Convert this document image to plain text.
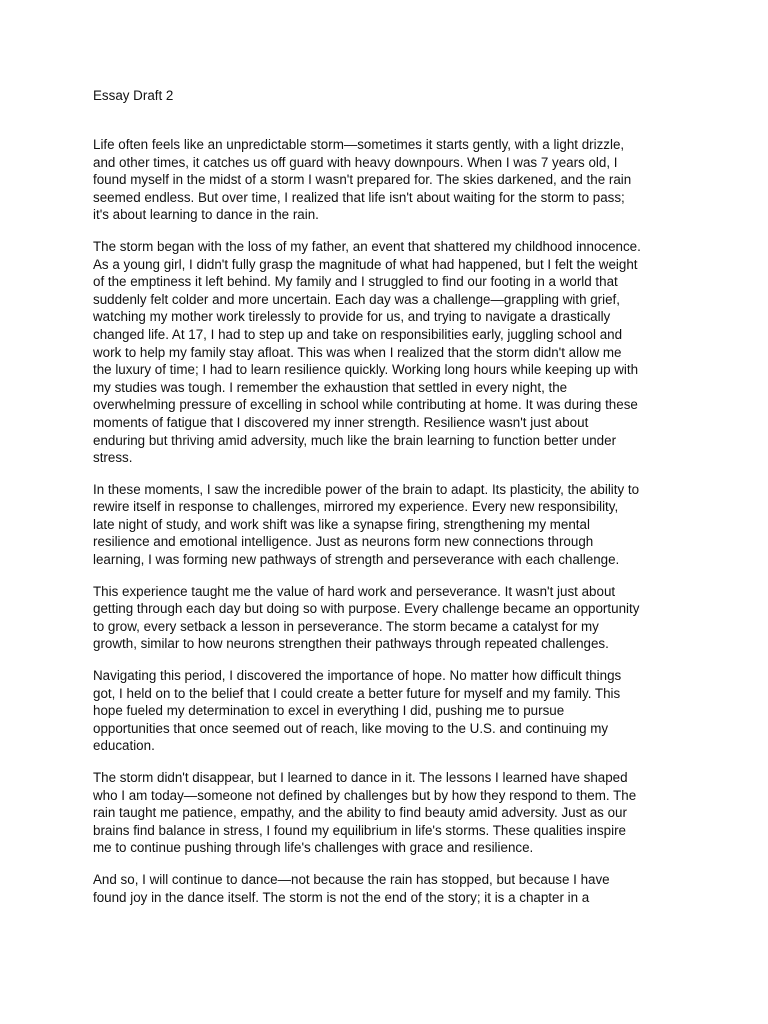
Essay Draft 2
Life often feels like an unpredictable storm—sometimes it starts gently, with a light drizzle,
and other times, it catches us off guard with heavy downpours. When I was 7 years old, I
found myself in the midst of a storm I wasn't prepared for. The skies darkened, and the rain
seemed endless. But over time, I realized that life isn't about waiting for the storm to pass;
it's about learning to dance in the rain.
The storm began with the loss of my father, an event that shattered my childhood innocence.
As a young girl, I didn't fully grasp the magnitude of what had happened, but I felt the weight
of the emptiness it left behind. My family and I struggled to find our footing in a world that
suddenly felt colder and more uncertain. Each day was a challenge—grappling with grief,
watching my mother work tirelessly to provide for us, and trying to navigate a drastically
changed life. At 17, I had to step up and take on responsibilities early, juggling school and
work to help my family stay afloat. This was when I realized that the storm didn't allow me
the luxury of time; I had to learn resilience quickly. Working long hours while keeping up with
my studies was tough. I remember the exhaustion that settled in every night, the
overwhelming pressure of excelling in school while contributing at home. It was during these
moments of fatigue that I discovered my inner strength. Resilience wasn't just about
enduring but thriving amid adversity, much like the brain learning to function better under
stress.
In these moments, I saw the incredible power of the brain to adapt. Its plasticity, the ability to
rewire itself in response to challenges, mirrored my experience. Every new responsibility,
late night of study, and work shift was like a synapse firing, strengthening my mental
resilience and emotional intelligence. Just as neurons form new connections through
learning, I was forming new pathways of strength and perseverance with each challenge.
This experience taught me the value of hard work and perseverance. It wasn't just about
getting through each day but doing so with purpose. Every challenge became an opportunity
to grow, every setback a lesson in perseverance. The storm became a catalyst for my
growth, similar to how neurons strengthen their pathways through repeated challenges.
Navigating this period, I discovered the importance of hope. No matter how difficult things
got, I held on to the belief that I could create a better future for myself and my family. This
hope fueled my determination to excel in everything I did, pushing me to pursue
opportunities that once seemed out of reach, like moving to the U.S. and continuing my
education.
The storm didn't disappear, but I learned to dance in it. The lessons I learned have shaped
who I am today—someone not defined by challenges but by how they respond to them. The
rain taught me patience, empathy, and the ability to find beauty amid adversity. Just as our
brains find balance in stress, I found my equilibrium in life's storms. These qualities inspire
me to continue pushing through life's challenges with grace and resilience.
And so, I will continue to dance—not because the rain has stopped, but because I have
found joy in the dance itself. The storm is not the end of the story; it is a chapter in a
